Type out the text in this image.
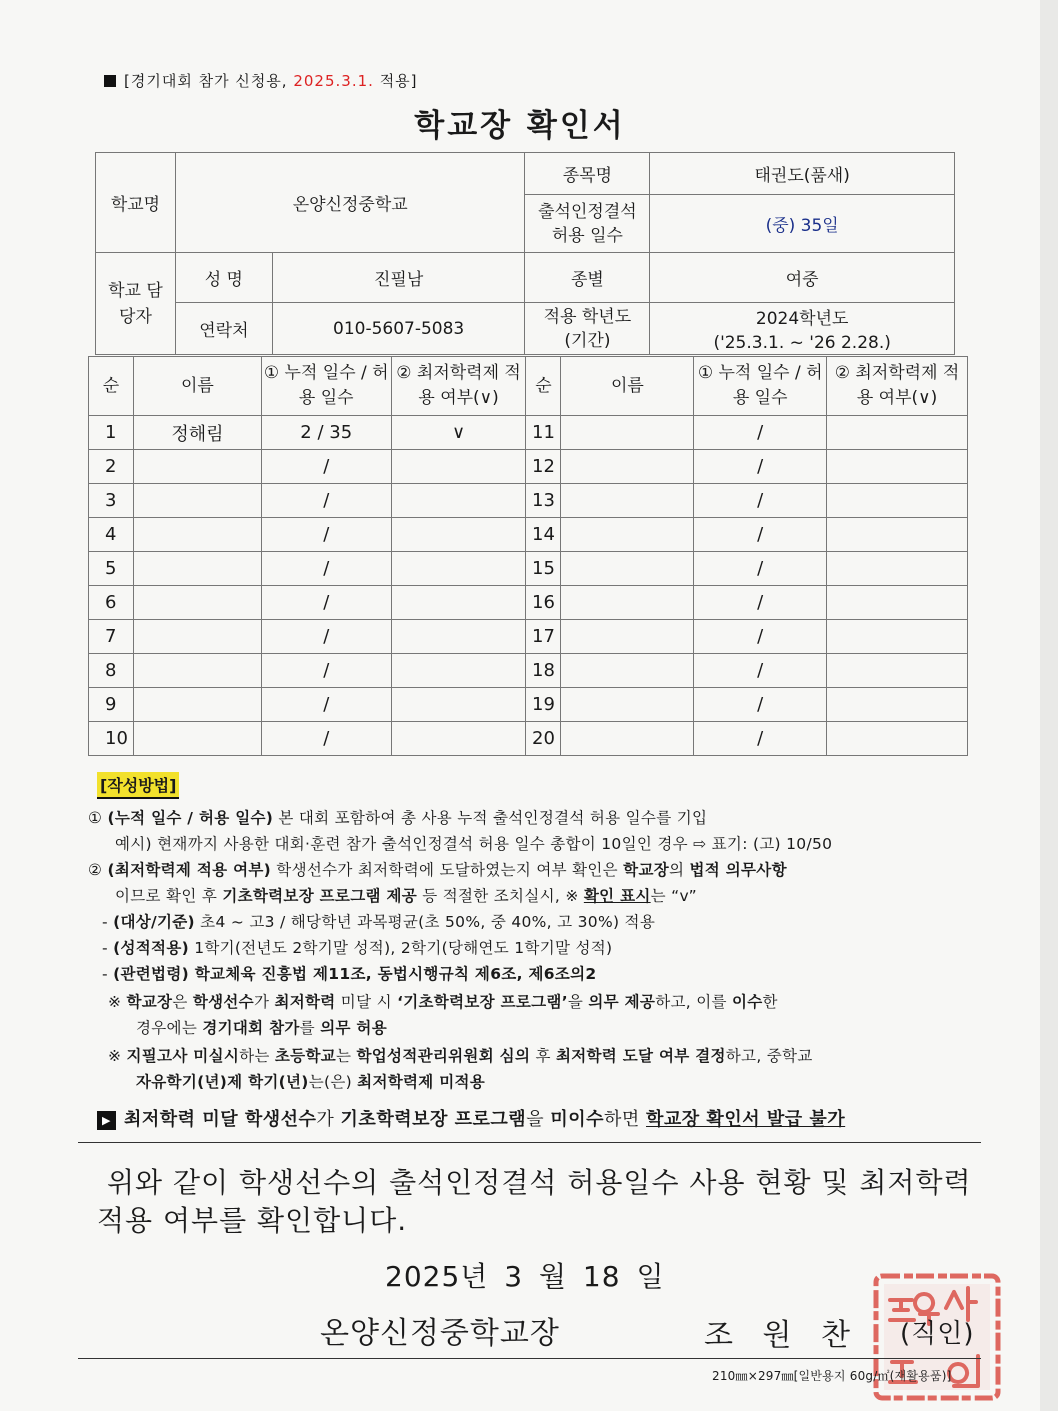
[경기대회 참가 신청용, 2025.3.1. 적용]
학교장 확인서
학교명	온양신정중학교		종목명	태권도(품새)
			출석인정결석 허용 일수	(중) 35일
학교 담당자	성 명	진필남	종별	여중
	연락처	010-5607-5083	적용 학년도 (기간)	2024학년도
('25.3.1. ~ '26 2.28.)
순	이름	① 누적 일수 / 허용 일수	② 최저학력제 적용 여부(∨)	순	이름	① 누적 일수 / 허용 일수	② 최저학력제 적용 여부(∨)
1	정해림	2 / 35	∨	11		/	
2		/		12		/	
3		/		13		/	
4		/		14		/	
5		/		15		/	
6		/		16		/	
7		/		17		/	
8		/		18		/	
9		/		19		/	
10		/		20		/	
[작성방법]
① (누적 일수 / 허용 일수) 본 대회 포함하여 총 사용 누적 출석인정결석 허용 일수를 기입
예시) 현재까지 사용한 대회·훈련 참가 출석인정결석 허용 일수 총합이 10일인 경우 ⇨ 표기: (고) 10/50
② (최저학력제 적용 여부) 학생선수가 최저학력에 도달하였는지 여부 확인은 학교장의 법적 의무사항
이므로 확인 후 기초학력보장 프로그램 제공 등 적절한 조치실시, ※ 확인 표시는 “v”
- (대상/기준) 초4 ~ 고3 / 해당학년 과목평균(초 50%, 중 40%, 고 30%) 적용
- (성적적용) 1학기(전년도 2학기말 성적), 2학기(당해연도 1학기말 성적)
- (관련법령) 학교체육 진흥법 제11조, 동법시행규칙 제6조, 제6조의2
※ 학교장은 학생선수가 최저학력 미달 시 ‘기초학력보장 프로그램’을 의무 제공하고, 이를 이수한
경우에는 경기대회 참가를 의무 허용
※ 지필고사 미실시하는 초등학교는 학업성적관리위원회 심의 후 최저학력 도달 여부 결정하고, 중학교
자유학기(년)제 학기(년)는(은) 최저학력제 미적용
▶ 최저학력 미달 학생선수가 기초학력보장 프로그램을 미이수하면 학교장 확인서 발급 불가
위와 같이 학생선수의 출석인정결석 허용일수 사용 현황 및 최저학력
적용 여부를 확인합니다.
2025년 3 월 18 일
온양신정중학교장	조 원 찬 (직인)
210㎜×297㎜[일반용지 60g/㎡(재활용품)]
